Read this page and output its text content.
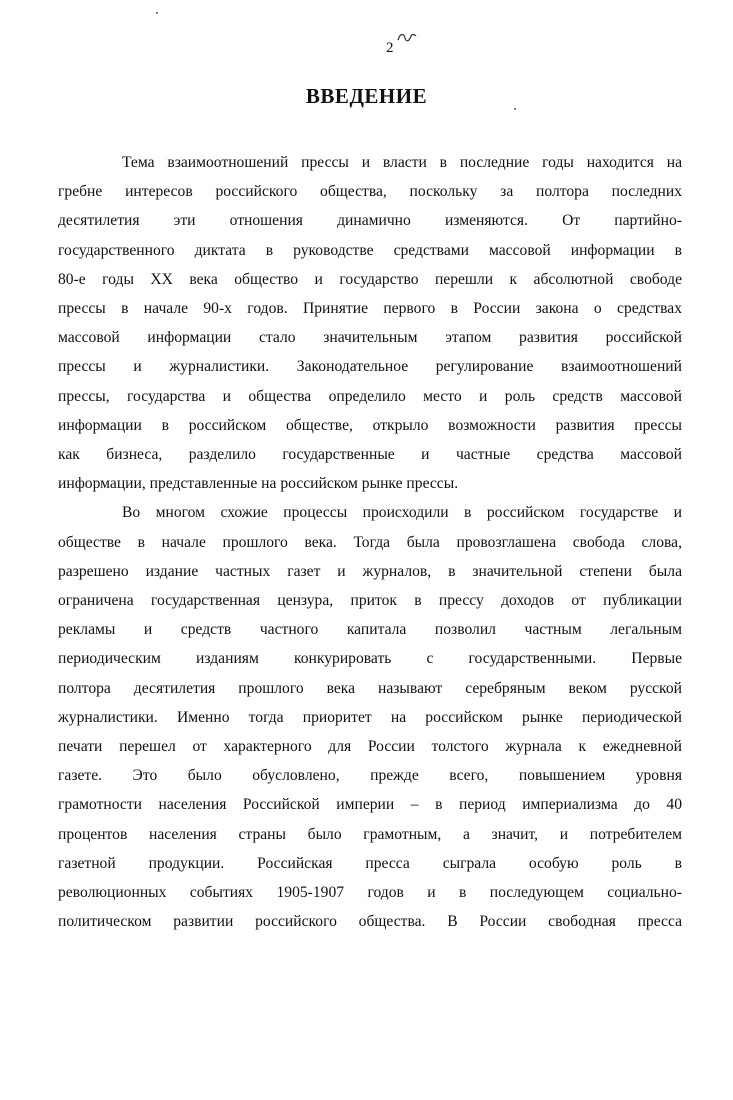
2
ВВЕДЕНИЕ

Тема взаимоотношений прессы и власти в последние годы находится на
гребне интересов российского общества, поскольку за полтора последних
десятилетия эти отношения динамично изменяются. От партийно-
государственного диктата в руководстве средствами массовой информации в
80-е годы XX века общество и государство перешли к абсолютной свободе
прессы в начале 90-х годов. Принятие первого в России закона о средствах
массовой информации стало значительным этапом развития российской
прессы и журналистики. Законодательное регулирование взаимоотношений
прессы, государства и общества определило место и роль средств массовой
информации в российском обществе, открыло возможности развития прессы
как бизнеса, разделило государственные и частные средства массовой
информации, представленные на российском рынке прессы.

Во многом схожие процессы происходили в российском государстве и
обществе в начале прошлого века. Тогда была провозглашена свобода слова,
разрешено издание частных газет и журналов, в значительной степени была
ограничена государственная цензура, приток в прессу доходов от публикации
рекламы и средств частного капитала позволил частным легальным
периодическим изданиям конкурировать с государственными. Первые
полтора десятилетия прошлого века называют серебряным веком русской
журналистики. Именно тогда приоритет на российском рынке периодической
печати перешел от характерного для России толстого журнала к ежедневной
газете. Это было обусловлено, прежде всего, повышением уровня
грамотности населения Российской империи – в период империализма до 40
процентов населения страны было грамотным, а значит, и потребителем
газетной продукции. Российская пресса сыграла особую роль в
революционных событиях 1905-1907 годов и в последующем социально-
политическом развитии российского общества. В России свободная пресса
